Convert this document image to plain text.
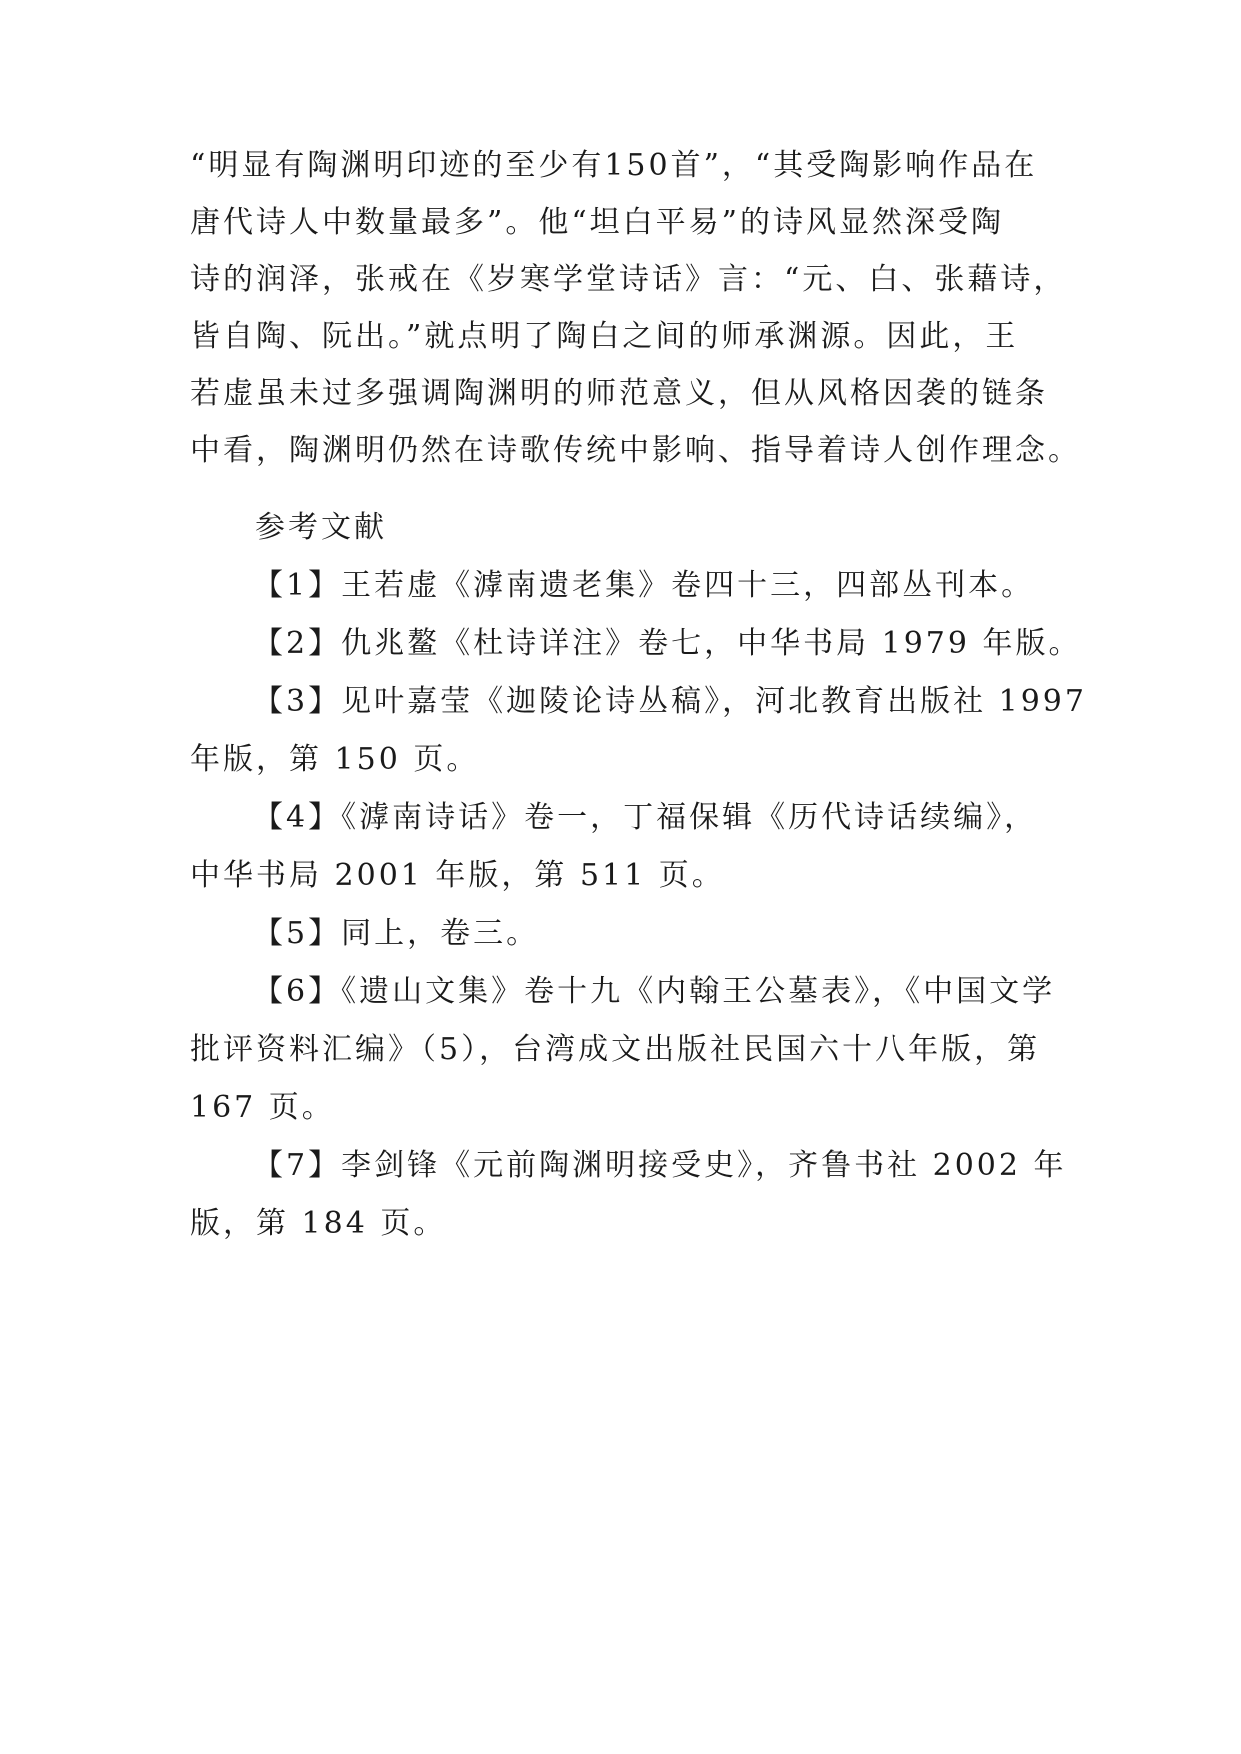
“明显有陶渊明印迹的至少有150首”，“其受陶影响作品在
唐代诗人中数量最多”。他“坦白平易”的诗风显然深受陶
诗的润泽，张戒在《岁寒学堂诗话》言：“元、白、张藉诗，
皆自陶、阮出。”就点明了陶白之间的师承渊源。因此，王
若虚虽未过多强调陶渊明的师范意义，但从风格因袭的链条
中看，陶渊明仍然在诗歌传统中影响、指导着诗人创作理念。
参考文献
【1】王若虚《滹南遗老集》卷四十三，四部丛刊本。
【2】仇兆鳌《杜诗详注》卷七，中华书局 1979 年版。
【3】见叶嘉莹《迦陵论诗丛稿》，河北教育出版社 1997
年版，第 150 页。
【4】《滹南诗话》卷一，丁福保辑《历代诗话续编》，
中华书局 2001 年版，第 511 页。
【5】同上，卷三。
【6】《遗山文集》卷十九《内翰王公墓表》，《中国文学
批评资料汇编》（5），台湾成文出版社民国六十八年版，第
167 页。
【7】李剑锋《元前陶渊明接受史》，齐鲁书社 2002 年
版，第 184 页。
